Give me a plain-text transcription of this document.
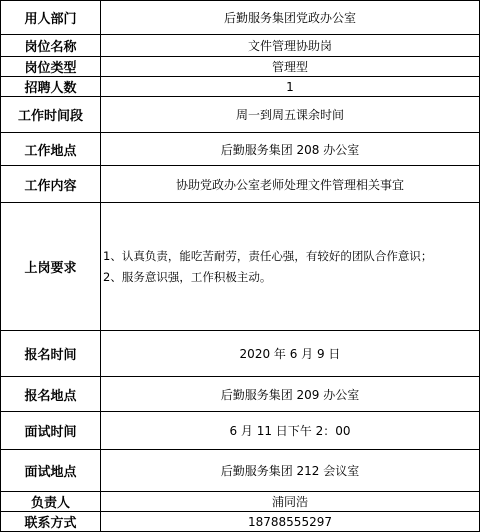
用人部门	后勤服务集团党政办公室
岗位名称	文件管理协助岗
岗位类型	管理型
招聘人数	1
工作时间段	周一到周五课余时间
工作地点	后勤服务集团 208 办公室
工作内容	协助党政办公室老师处理文件管理相关事宜
上岗要求	1、认真负责，能吃苦耐劳，责任心强，有较好的团队合作意识；
2、服务意识强，工作积极主动。

报名时间	2020 年 6 月 9 日
报名地点	后勤服务集团 209 办公室
面试时间	6 月 11 日下午 2：00
面试地点	后勤服务集团 212 会议室
负责人	浦同浩
联系方式	18788555297
